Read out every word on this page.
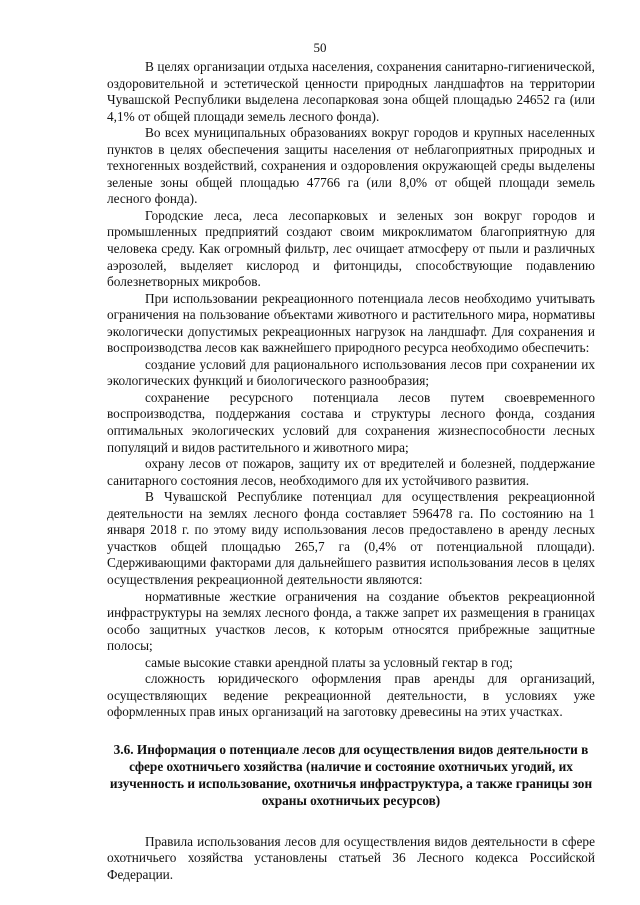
50

В целях организации отдыха населения, сохранения санитарно-гигиенической, оздоровительной и эстетической ценности природных ландшафтов на территории Чувашской Республики выделена лесопарковая зона общей площадью 24652 га (или 4,1% от общей площади земель лесного фонда).

Во всех муниципальных образованиях вокруг городов и крупных населенных пунктов в целях обеспечения защиты населения от неблагоприятных природных и техногенных воздействий, сохранения и оздоровления окружающей среды выделены зеленые зоны общей площадью 47766 га (или 8,0% от общей площади земель лесного фонда).

Городские леса, леса лесопарковых и зеленых зон вокруг городов и промышленных предприятий создают своим микроклиматом благоприятную для человека среду. Как огромный фильтр, лес очищает атмосферу от пыли и различных аэрозолей, выделяет кислород и фитонциды, способствующие подавлению болезнетворных микробов.

При использовании рекреационного потенциала лесов необходимо учитывать ограничения на пользование объектами животного и растительного мира, нормативы экологически допустимых рекреационных нагрузок на ландшафт. Для сохранения и воспроизводства лесов как важнейшего природного ресурса необходимо обеспечить:

создание условий для рационального использования лесов при сохранении их экологических функций и биологического разнообразия;

сохранение ресурсного потенциала лесов путем своевременного воспроизводства, поддержания состава и структуры лесного фонда, создания оптимальных экологических условий для сохранения жизнеспособности лесных популяций и видов растительного и животного мира;

охрану лесов от пожаров, защиту их от вредителей и болезней, поддержание санитарного состояния лесов, необходимого для их устойчивого развития.

В Чувашской Республике потенциал для осуществления рекреационной деятельности на землях лесного фонда составляет 596478 га. По состоянию на 1 января 2018 г. по этому виду использования лесов предоставлено в аренду лесных участков общей площадью 265,7 га (0,4% от потенциальной площади). Сдерживающими факторами для дальнейшего развития использования лесов в целях осуществления рекреационной деятельности являются:

нормативные жесткие ограничения на создание объектов рекреационной инфраструктуры на землях лесного фонда, а также запрет их размещения в границах особо защитных участков лесов, к которым относятся прибрежные защитные полосы;

самые высокие ставки арендной платы за условный гектар в год;

сложность юридического оформления прав аренды для организаций, осуществляющих ведение рекреационной деятельности, в условиях уже оформленных прав иных организаций на заготовку древесины на этих участках.

3.6. Информация о потенциале лесов для осуществления видов деятельности в сфере охотничьего хозяйства (наличие и состояние охотничьих угодий, их изученность и использование, охотничья инфраструктура, а также границы зон охраны охотничьих ресурсов)

Правила использования лесов для осуществления видов деятельности в сфере охотничьего хозяйства установлены статьей 36 Лесного кодекса Российской Федерации.
